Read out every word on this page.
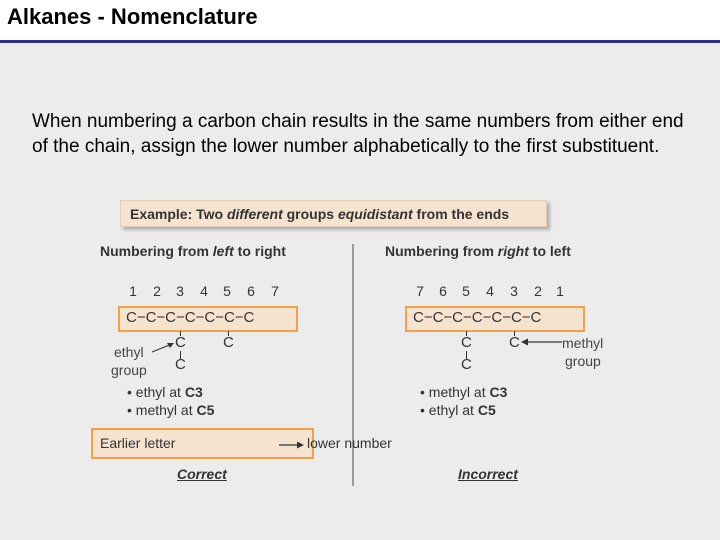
Alkanes - Nomenclature
When numbering a carbon chain results in the same numbers from either end of the chain, assign the lower number alphabetically to the first substituent.
Example: Two different groups equidistant from the ends
Numbering from left to right
1 2 3 4 5 6 7
C−C−C−C−C−C−C
C
C
C
ethyl
group
• ethyl at C3
• methyl at C5
Earlier letter	lower number
Correct
Numbering from right to left
7 6 5 4 3 2 1
C−C−C−C−C−C−C
C
C
C	methyl
group
• methyl at C3
• ethyl at C5
Incorrect
